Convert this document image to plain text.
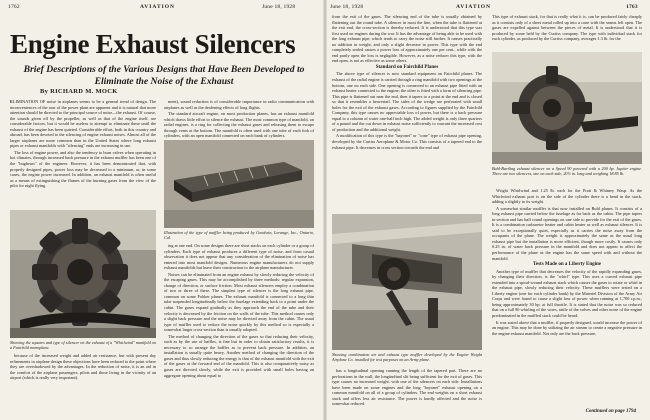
1762	AVIATION	June 18, 1928
Engine Exhaust Silencers
Brief Descriptions of the Various Designs that Have Been Developed to Eliminate the Noise of the Exhaust
By RICHARD M. MOCK

ELIMINATION OF noise in airplanes seems to be a general trend of design. The inconveniences of the roar of the power plant are apparent and it is natural that more attention should be directed to the principal source of noise—the exhaust. Of course, the sounds given off by the propeller, as well as that of the engine itself, are considerable factors, but it would be useless to attempt to eliminate these until the exhaust of the engine has been quieted. Considerable effort, both in this country and abroad, has been devoted to the silencing of engine exhaust noises. Almost all of the larger airplanes are more common than in the United States where long exhaust pipes or exhaust manifolds with "silencing" ends are increasing in use.

The loss of engine power, and also the tendency to burn valves when operating in hot climates, through increased back pressure in the exhaust muffler has been one of the "bugbears" of the engineer. However, it has been demonstrated that, with properly designed pipes, power loss may be decreased to a minimum, or, in some cases, the engine power increased. In addition, an exhaust manifold is often useful as a means of extinguishing the flames of the burning gases from the view of the pilot for night flying.

Showing the squares and type of silencer on the exhaust of a "Whirlwind" manifold on a Fairchild monoplane.

because of the increased weight and added air resistance, but with present day refinements in airplane design these objections have been reduced to the point where they are overshadowed by the advantages. In the reduction of noise, it is an aid in the comfort of the airplane passengers, pilots and those living in the vicinity of an airport (which is really very important).

ment), sound reduction is of considerable importance in radio communication with airplanes as well as the deafening effects of long flights.

The standard aircraft engine, on most production planes, has an exhaust manifold which draws little effort to silence the exhaust. The most common type of manifold, on radial engines, is a ring for collecting the exhaust gases and releasing them to escape through vents at the bottom. The manifold is often used with one tube of each fork of cylinders, with an open manifold connected on each bank of cylinders.

Illustration of the type of muffler being produced by Goodwin, Lorange, Inc., Ontario, Cal.

ing at one end. On some designs there are short stacks on each cylinder or a group of cylinders. Each type of exhaust produces a different type of noise, and from casual observation it does not appear that any consideration of the elimination of noise has entered into most manifold designs. Numerous engine manufacturers do not supply exhaust manifolds but leave their construction to the airplane manufacturer.

Noises can be eliminated from an engine exhaust by slowly reducing the velocity of the escaping gases. This may be accomplished by three methods: regular expansion, change of direction, or surface friction. Most exhaust silencers employ a combination of two or three of these. The simplest type of silencer is the long exhaust pipe, common on some Fokker planes. The exhaust manifold is connected to a long thin tube suspended longitudinally below the fuselage extending back to a point under the cabin. The gases expand gradually as they approach the end of the tube and their velocity is decreased by the friction on the walls of the tube. This method causes only a slight back pressure and the noise may be directed away from the cabin. The usual type of muffler used to reduce the noise quickly by this method so is especially a somewhat larger cross-section than is usually adopted.

The method of changing the direction of the gases so that reducing their velocity, such as by the use of baffles, is fine but in order to obtain satisfactory results, it is necessary to so arrange the baffles as to prevent back pressure. In addition, an installation is usually quite heavy. Another method of changing the direction of the gases and thus slowly reducing the energy is that of the exhaust manifold with the exit of the gases at the forward end of the manifold. This is also comparatively noisy as gases are directed slowly, while the exit is provided with small holes having an aggregate opening about equal to

June 18, 1928	AVIATION	1763

from the exit of the gases. The silencing end of the tube is usually obtained by flattening out the round tube. A silencer in most the line, when the tube is flattened at the exit end, the cross-section is thereby reduced. It is understood that this type was first used on engines during the war. It has the advantage of being able to be used with the long exhaust pipe, which tends to carry the noise still further. It causes practically no addition in weight, and only a slight decrease in power. This type with the end completely sealed causes a power loss of approximately one per cent., while with the end partly open the loss is negligible. However, as a noise reducer this type, with the end open, is not as effective as some others.

Standard on Fairchild Planes

The above type of silencer is now standard equipment on Fairchild planes. The exhaust of the radial engine is carried through a ring manifold with two openings at the bottom, one on each side. One opening is connected to an exhaust pipe fitted with an exhaust heater connected to the engine; the other is fitted with a form of silencing pipe. This pipe is flattened out near the end, then it tapers to a point at the end and is closed so that it resembles a beavertail. The sides of the wedge are perforated with small holes for the exit of the exhaust gases. According to figures supplied by the Fairchild Company, this type causes no appreciable loss of power, but there is a back pressure equal to a column of water one-half inch high. The added weight is only three quarters of a pound and the cut down in exhaust noise sufficiently to warrant the increased cost of production and the additional weight.

A modification of this type is the "bayonet" or "cone" type of exhaust pipe opening, developed by the Curtiss Aeroplane & Motor Co. This consists of a tapered end to the exhaust pipe. It decreases in cross section towards the end and

Showing combination air and exhaust type muffler developed by the Engine Weight Airplane Co. installed for test purposes on an Army plane.

has a longitudinal opening running the length of the tapered part. There are no perforations in the wall, the longitudinal slit being sufficient for the exit of gases. This type causes no increased weight, with one of the silencers on each side. Installations have been made on some engines and the long "bayonet" exhaust opening on a common manifold on all of a group of cylinders. The end weights on a short exhaust stack and offers less air resistance. The power is hardly affected and the noise is somewhat reduced.

This type of exhaust stack, for that is really what it is, can be produced fairly cheaply as it consists only of a sheet metal rolled up into a cone with the seams left open. The gases are expelled against between the pieces of metal. It is understood that it is produced by some held by the Curtiss company. The type with individual stack for each cylinder, as produced by the Curtiss company, averages 1.3 lb. for the

Buhl-Burtling exhaust silencer on a Speed 90 powered with a 200 hp. Jupiter engine. There are two silencers, one on each side, 20½ in. long and weighing 18.85 lb.

Wright Whirlwind and 1.25 lb. each for the Pratt & Whitney Wasp. As the Whirlwind exhaust port is on the side of the cylinder there is a bend in the stack, adding a slightly to its weight.

A somewhat similar muffler is that now installed on Buhl planes. It consists of a long exhaust pipe carried below the fuselage as far back as the cabin. The pipe tapers in section and has half round openings on one side to provide for the exit of the gases. It is a combination carburetor heater and cabin heater as well as exhaust silencer. It is said to be exceptionally quiet, especially as it carries the noise away from the occupants of the plane. The weight is approximately the same as the usual long exhaust pipe but the installation is more efficient, though more costly. It causes only 0.25 in. of water back pressure in the manifold and does not appear to affect the performance of the plane as the engine has the same speed with and without the manifold.

Tests Made on a Liberty Engine

Another type of muffler that decreases the velocity of the rapidly expanding gases, by changing their direction, is the "whirl" type. This uses a curved exhaust pipe extended into a spiral-wound exhaust stack which causes the gases to rotate or whirl in the exhaust pipe, slowly reducing their velocity. These mufflers were tested on a Liberty engine (one for each cylinder bank) by the Materiel Division of the Army Air Corps and were found to cause a slight loss of power when running at 1,700 r.p.m., being approximately 30 hp. at full throttle. It is stated that the noise was so reduced that on a full 90 whirling of the wires, rattle of the valves and other noise of the engine predominated in the muffled stack could be heard.

It was stated above that a muffler, if properly designed, would increase the power of an engine. This may be done by utilizing the air stream to create a negative pressure in the engine exhaust manifold. Not only are the back pressure,

Continued on page 1794
